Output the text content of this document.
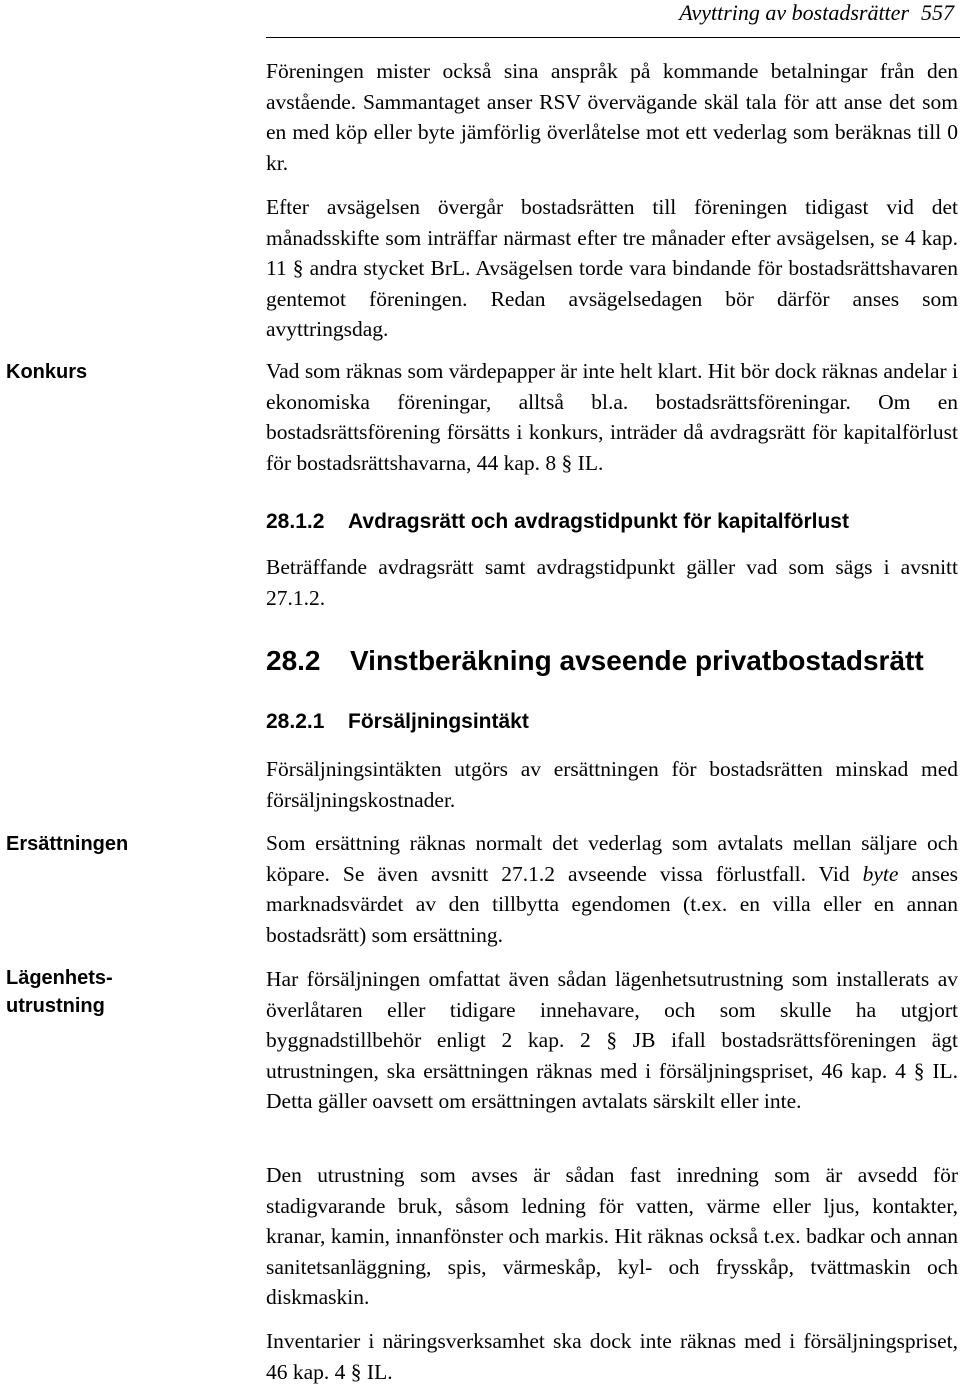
Avyttring av bostadsrätter 557

Föreningen mister också sina anspråk på kommande betalningar från den avstående. Sammantaget anser RSV övervägande skäl tala för att anse det som en med köp eller byte jämförlig överlåtelse mot ett vederlag som beräknas till 0 kr.

Efter avsägelsen övergår bostadsrätten till föreningen tidigast vid det månadsskifte som inträffar närmast efter tre månader efter avsägelsen, se 4 kap. 11 § andra stycket BrL. Avsägelsen torde vara bindande för bostadsrättshavaren gentemot föreningen. Redan avsägelsedagen bör därför anses som avyttringsdag.

Konkurs	Vad som räknas som värdepapper är inte helt klart. Hit bör dock räknas andelar i ekonomiska föreningar, alltså bl.a. bostadsrättsföreningar. Om en bostadsrättsförening försätts i konkurs, inträder då avdragsrätt för kapitalförlust för bostadsrättshavarna, 44 kap. 8 § IL.

28.1.2 Avdragsrätt och avdragstidpunkt för kapitalförlust

Beträffande avdragsrätt samt avdragstidpunkt gäller vad som sägs i avsnitt 27.1.2.

28.2 Vinstberäkning avseende privatbostadsrätt
28.2.1 Försäljningsintäkt

Försäljningsintäkten utgörs av ersättningen för bostadsrätten minskad med försäljningskostnader.

Ersättningen	Som ersättning räknas normalt det vederlag som avtalats mellan säljare och köpare. Se även avsnitt 27.1.2 avseende vissa förlustfall. Vid byte anses marknadsvärdet av den tillbytta egendomen (t.ex. en villa eller en annan bostadsrätt) som ersättning.

Lägenhets-
utrustning

Har försäljningen omfattat även sådan lägenhetsutrustning som installerats av överlåtaren eller tidigare innehavare, och som skulle ha utgjort byggnadstillbehör enligt 2 kap. 2 § JB ifall bostadsrättsföreningen ägt utrustningen, ska ersättningen räknas med i försäljningspriset, 46 kap. 4 § IL. Detta gäller oavsett om ersättningen avtalats särskilt eller inte.

Den utrustning som avses är sådan fast inredning som är avsedd för stadigvarande bruk, såsom ledning för vatten, värme eller ljus, kontakter, kranar, kamin, innanfönster och markis. Hit räknas också t.ex. badkar och annan sanitetsanläggning, spis, värmeskåp, kyl- och frysskåp, tvättmaskin och diskmaskin.

Inventarier i näringsverksamhet ska dock inte räknas med i försäljningspriset, 46 kap. 4 § IL.
